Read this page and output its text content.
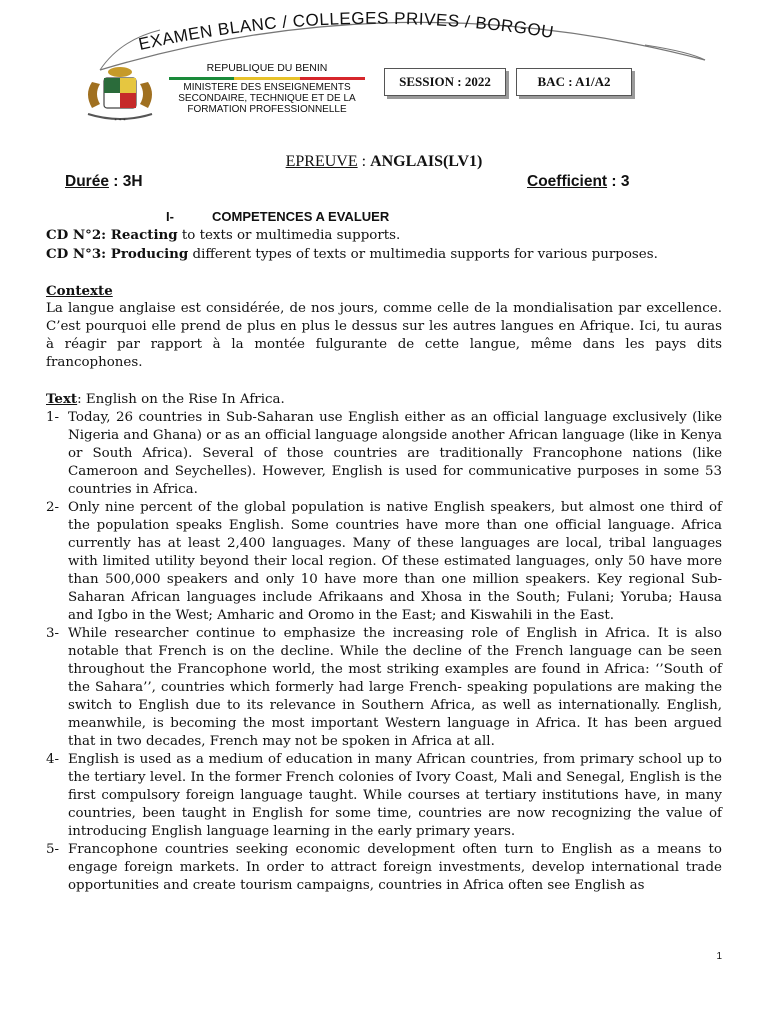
EXAMEN BLANC / COLLEGES PRIVES / BORGOU
✶ ✶ ✶
REPUBLIQUE DU BENIN
MINISTERE DES ENSEIGNEMENTS
SECONDAIRE, TECHNIQUE ET DE LA
FORMATION PROFESSIONNELLE
SESSION : 2022	BAC : A1/A2
EPREUVE : ANGLAIS(LV1)
Durée : 3H	Coefficient : 3
I-	COMPETENCES A EVALUER

CD N°2: Reacting to texts or multimedia supports.

CD N°3: Producing different types of texts or multimedia supports for various purposes.

Contexte
La langue anglaise est considérée, de nos jours, comme celle de la mondialisation par excellence. C’est pourquoi elle prend de plus en plus le dessus sur les autres langues en Afrique. Ici, tu auras à réagir par rapport à la montée fulgurante de cette langue, même dans les pays dits francophones.
Text: English on the Rise In Africa.
1- Today, 26 countries in Sub-Saharan use English either as an official language exclusively (like Nigeria and Ghana) or as an official language alongside another African language (like in Kenya or South Africa). Several of those countries are traditionally Francophone nations (like Cameroon and Seychelles). However, English is used for communicative purposes in some 53 countries in Africa.
2- Only nine percent of the global population is native English speakers, but almost one third of the population speaks English. Some countries have more than one official language. Africa currently has at least 2,400 languages. Many of these languages are local, tribal languages with limited utility beyond their local region. Of these estimated languages, only 50 have more than 500,000 speakers and only 10 have more than one million speakers. Key regional Sub-Saharan African languages include Afrikaans and Xhosa in the South; Fulani; Yoruba; Hausa and Igbo in the West; Amharic and Oromo in the East; and Kiswahili in the East.
3- While researcher continue to emphasize the increasing role of English in Africa. It is also notable that French is on the decline. While the decline of the French language can be seen throughout the Francophone world, the most striking examples are found in Africa: ‘’South of the Sahara’’, countries which formerly had large French- speaking populations are making the switch to English due to its relevance in Southern Africa, as well as internationally. English, meanwhile, is becoming the most important Western language in Africa. It has been argued that in two decades, French may not be spoken in Africa at all.
4- English is used as a medium of education in many African countries, from primary school up to the tertiary level. In the former French colonies of Ivory Coast, Mali and Senegal, English is the first compulsory foreign language taught. While courses at tertiary institutions have, in many countries, been taught in English for some time, countries are now recognizing the value of introducing English language learning in the early primary years.
5- Francophone countries seeking economic development often turn to English as a means to engage foreign markets. In order to attract foreign investments, develop international trade opportunities and create tourism campaigns, countries in Africa often see English as
1
